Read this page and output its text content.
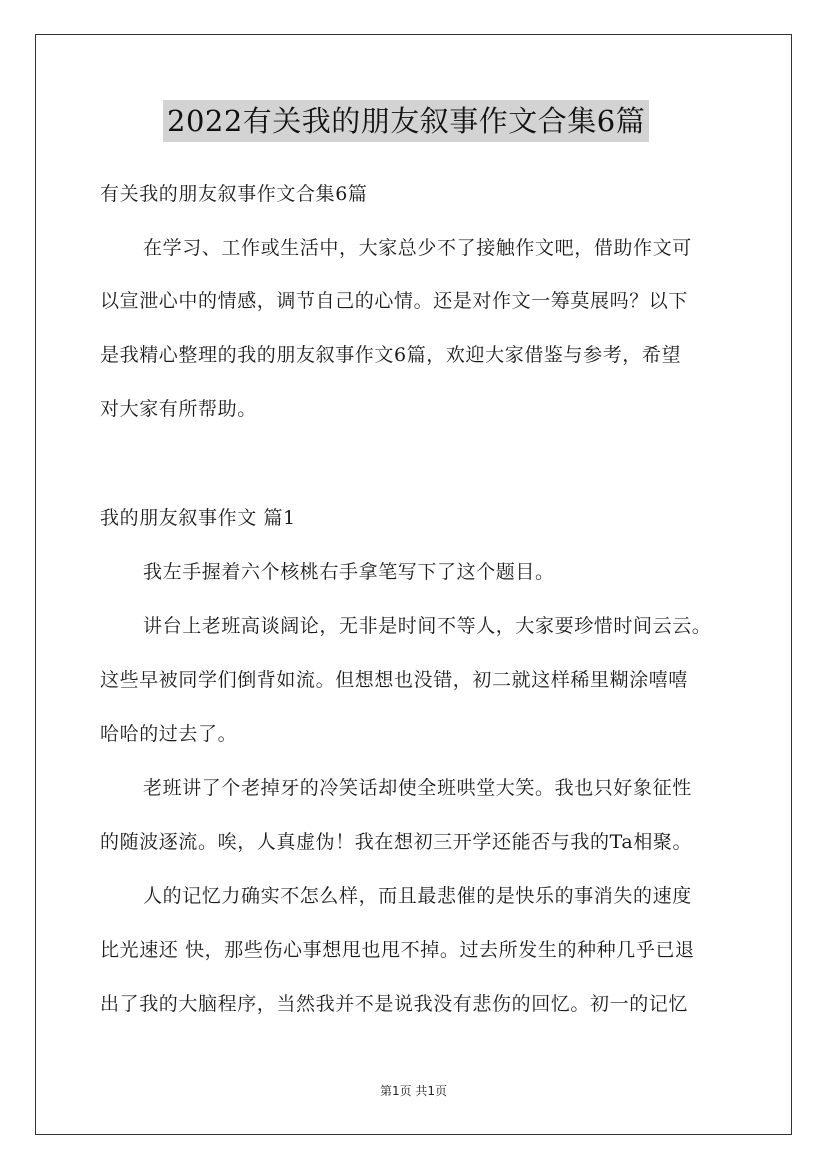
2022有关我的朋友叙事作文合集6篇
有关我的朋友叙事作文合集6篇
在学习、工作或生活中，大家总少不了接触作文吧，借助作文可
以宣泄心中的情感，调节自己的心情。还是对作文一筹莫展吗？以下
是我精心整理的我的朋友叙事作文6篇，欢迎大家借鉴与参考，希望
对大家有所帮助。
我的朋友叙事作文 篇1
我左手握着六个核桃右手拿笔写下了这个题目。
讲台上老班高谈阔论，无非是时间不等人，大家要珍惜时间云云。
这些早被同学们倒背如流。但想想也没错，初二就这样稀里糊涂嘻嘻
哈哈的过去了。
老班讲了个老掉牙的冷笑话却使全班哄堂大笑。我也只好象征性
的随波逐流。唉，人真虚伪！我在想初三开学还能否与我的Ta相聚。
人的记忆力确实不怎么样，而且最悲催的是快乐的事消失的速度
比光速还 快，那些伤心事想甩也甩不掉。过去所发生的种种几乎已退
出了我的大脑程序，当然我并不是说我没有悲伤的回忆。初一的记忆
第1页 共1页
